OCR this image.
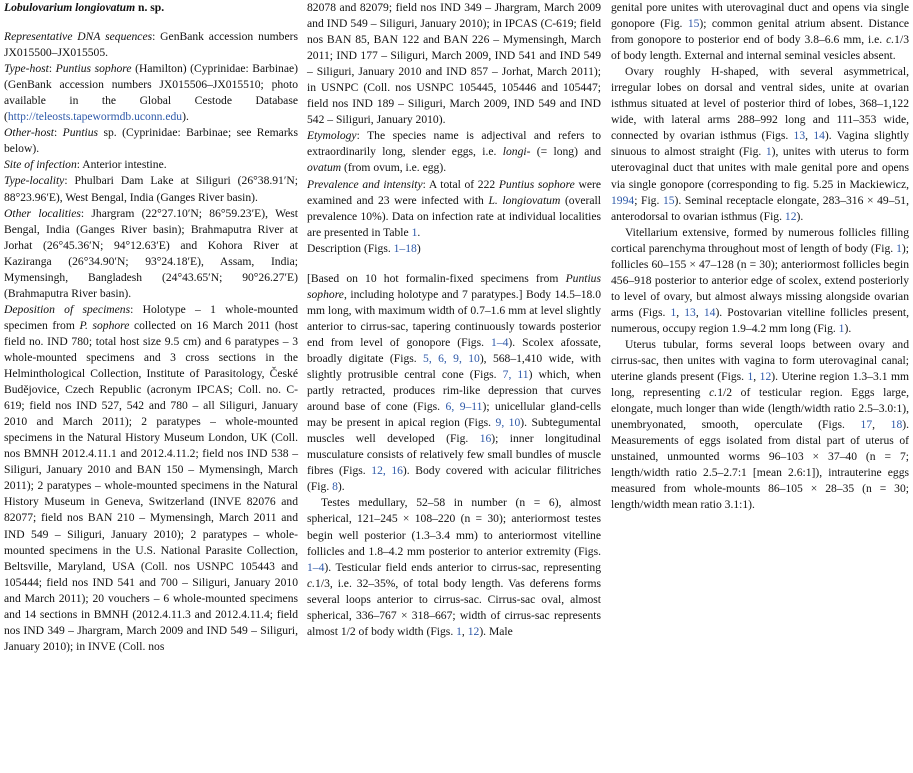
Lobulovarium longiovatum n. sp.

Representative DNA sequences: GenBank accession numbers JX015500–JX015505.

Type-host: Puntius sophore (Hamilton) (Cyprinidae: Barbinae) (GenBank accession numbers JX015506–JX015510; photo available in the Global Cestode Database (http://teleosts.tapewormdb.uconn.edu).

Other-host: Puntius sp. (Cyprinidae: Barbinae; see Remarks below).

Site of infection: Anterior intestine.

Type-locality: Phulbari Dam Lake at Siliguri (26°38.91′N; 88°23.96′E), West Bengal, India (Ganges River basin).

Other localities: Jhargram (22°27.10′N; 86°59.23′E), West Bengal, India (Ganges River basin); Brahmaputra River at Jorhat (26°45.36′N; 94°12.63′E) and Kohora River at Kaziranga (26°34.90′N; 93°24.18′E), Assam, India; Mymensingh, Bangladesh (24°43.65′N; 90°26.27′E) (Brahmaputra River basin).

Deposition of specimens: Holotype – 1 whole-mounted specimen from P. sophore collected on 16 March 2011 (host field no. IND 780; total host size 9.5 cm) and 6 paratypes – 3 whole-mounted specimens and 3 cross sections in the Helminthological Collection, Institute of Parasitology, České Budějovice, Czech Republic (acronym IPCAS; Coll. no. C-619; field nos IND 527, 542 and 780 – all Siliguri, January 2010 and March 2011); 2 paratypes – whole-mounted specimens in the Natural History Museum London, UK (Coll. nos BMNH 2012.4.11.1 and 2012.4.11.2; field nos IND 538 – Siliguri, January 2010 and BAN 150 – Mymensingh, March 2011); 2 paratypes – whole-mounted specimens in the Natural History Museum in Geneva, Switzerland (INVE 82076 and 82077; field nos BAN 210 – Mymensingh, March 2011 and IND 549 – Siliguri, January 2010); 2 paratypes – whole-mounted specimens in the U.S. National Parasite Collection, Beltsville, Maryland, USA (Coll. nos USNPC 105443 and 105444; field nos IND 541 and 700 – Siliguri, January 2010 and March 2011); 20 vouchers – 6 whole-mounted specimens and 14 sections in BMNH (2012.4.11.3 and 2012.4.11.4; field nos IND 349 – Jhargram, March 2009 and IND 549 – Siliguri, January 2010); in INVE (Coll. nos

82078 and 82079; field nos IND 349 – Jhargram, March 2009 and IND 549 – Siliguri, January 2010); in IPCAS (C-619; field nos BAN 85, BAN 122 and BAN 226 – Mymensingh, March 2011; IND 177 – Siliguri, March 2009, IND 541 and IND 549 – Siliguri, January 2010 and IND 857 – Jorhat, March 2011); in USNPC (Coll. nos USNPC 105445, 105446 and 105447; field nos IND 189 – Siliguri, March 2009, IND 549 and IND 542 – Siliguri, January 2010).

Etymology: The species name is adjectival and refers to extraordinarily long, slender eggs, i.e. longi- (= long) and ovatum (from ovum, i.e. egg).

Prevalence and intensity: A total of 222 Puntius sophore were examined and 23 were infected with L. longiovatum (overall prevalence 10%). Data on infection rate at individual localities are presented in Table 1.

Description (Figs. 1–18)

[Based on 10 hot formalin-fixed specimens from Puntius sophore, including holotype and 7 paratypes.] Body 14.5–18.0 mm long, with maximum width of 0.7–1.6 mm at level slightly anterior to cirrus-sac, tapering continuously towards posterior end from level of gonopore (Figs. 1–4). Scolex afossate, broadly digitate (Figs. 5, 6, 9, 10), 568–1,410 wide, with slightly protrusible central cone (Figs. 7, 11) which, when partly retracted, produces rim-like depression that curves around base of cone (Figs. 6, 9–11); unicellular gland-cells may be present in apical region (Figs. 9, 10). Subtegumental muscles well developed (Fig. 16); inner longitudinal musculature consists of relatively few small bundles of muscle fibres (Figs. 12, 16). Body covered with acicular filitriches (Fig. 8).

Testes medullary, 52–58 in number (n = 6), almost spherical, 121–245 × 108–220 (n = 30); anteriormost testes begin well posterior (1.3–3.4 mm) to anteriormost vitelline follicles and 1.8–4.2 mm posterior to anterior extremity (Figs. 1–4). Testicular field ends anterior to cirrus-sac, representing c.1/3, i.e. 32–35%, of total body length. Vas deferens forms several loops anterior to cirrus-sac. Cirrus-sac oval, almost spherical, 336–767 × 318–667; width of cirrus-sac represents almost 1/2 of body width (Figs. 1, 12). Male

genital pore unites with uterovaginal duct and opens via single gonopore (Fig. 15); common genital atrium absent. Distance from gonopore to posterior end of body 3.8–6.6 mm, i.e. c.1/3 of body length. External and internal seminal vesicles absent.

Ovary roughly H-shaped, with several asymmetrical, irregular lobes on dorsal and ventral sides, unite at ovarian isthmus situated at level of posterior third of lobes, 368–1,122 wide, with lateral arms 288–992 long and 111–353 wide, connected by ovarian isthmus (Figs. 13, 14). Vagina slightly sinuous to almost straight (Fig. 1), unites with uterus to form uterovaginal duct that unites with male genital pore and opens via single gonopore (corresponding to fig. 5.25 in Mackiewicz, 1994; Fig. 15). Seminal receptacle elongate, 283–316 × 49–51, anterodorsal to ovarian isthmus (Fig. 12).

Vitellarium extensive, formed by numerous follicles filling cortical parenchyma throughout most of length of body (Fig. 1); follicles 60–155 × 47–128 (n = 30); anteriormost follicles begin 456–918 posterior to anterior edge of scolex, extend posteriorly to level of ovary, but almost always missing alongside ovarian arms (Figs. 1, 13, 14). Postovarian vitelline follicles present, numerous, occupy region 1.9–4.2 mm long (Fig. 1).

Uterus tubular, forms several loops between ovary and cirrus-sac, then unites with vagina to form uterovaginal canal; uterine glands present (Figs. 1, 12). Uterine region 1.3–3.1 mm long, representing c.1/2 of testicular region. Eggs large, elongate, much longer than wide (length/width ratio 2.5–3.0:1), unembryonated, smooth, operculate (Figs. 17, 18). Measurements of eggs isolated from distal part of uterus of unstained, unmounted worms 96–103 × 37–40 (n = 7; length/width ratio 2.5–2.7:1 [mean 2.6:1]), intrauterine eggs measured from whole-mounts 86–105 × 28–35 (n = 30; length/width mean ratio 3.1:1).
